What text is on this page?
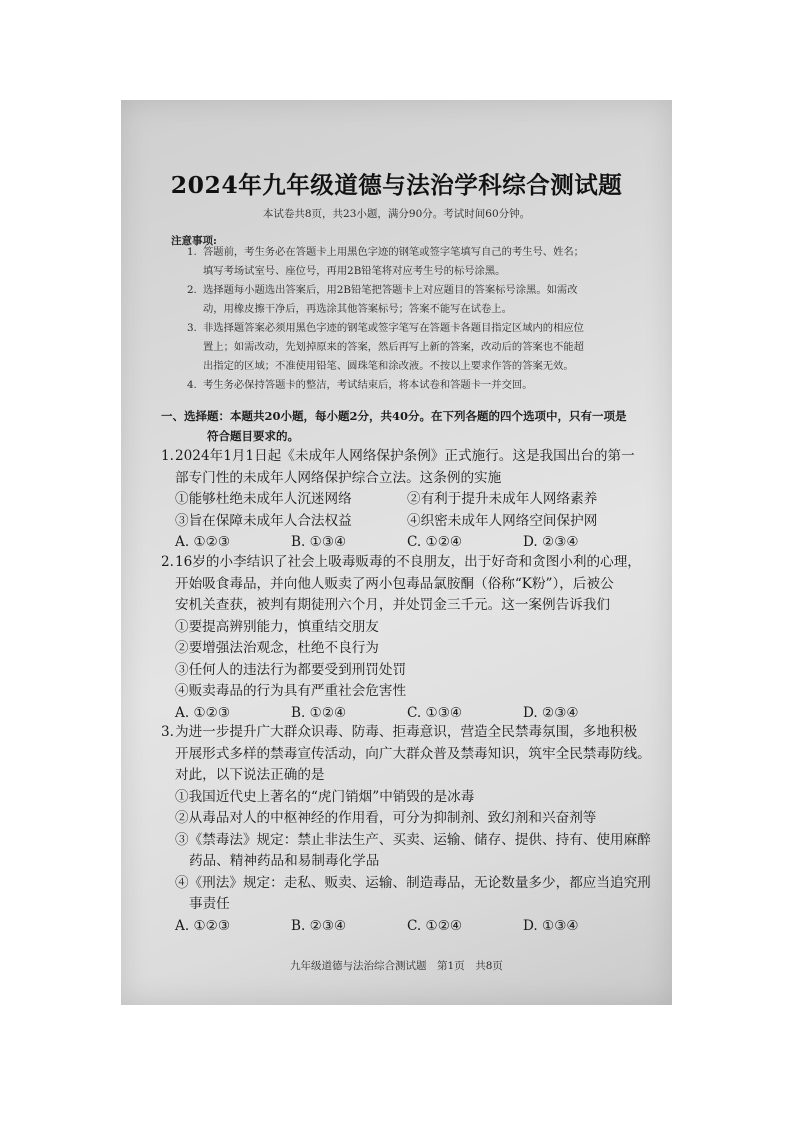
2024年九年级道德与法治学科综合测试题
本试卷共8页，共23小题，满分90分。考试时间60分钟。
注意事项:
1. 答题前，考生务必在答题卡上用黑色字迹的钢笔或签字笔填写自己的考生号、姓名；
填写考场试室号、座位号，再用2B铅笔将对应考生号的标号涂黑。
2. 选择题每小题选出答案后，用2B铅笔把答题卡上对应题目的答案标号涂黑。如需改
动，用橡皮擦干净后，再选涂其他答案标号；答案不能写在试卷上。
3. 非选择题答案必须用黑色字迹的钢笔或签字笔写在答题卡各题目指定区域内的相应位
置上；如需改动，先划掉原来的答案，然后再写上新的答案，改动后的答案也不能超
出指定的区域；不准使用铅笔、圆珠笔和涂改液。不按以上要求作答的答案无效。
4. 考生务必保持答题卡的整洁，考试结束后，将本试卷和答题卡一并交回。
一、选择题：本题共20小题，每小题2分，共40分。在下列各题的四个选项中，只有一项是
符合题目要求的。
1.2024年1月1日起《未成年人网络保护条例》正式施行。这是我国出台的第一
部专门性的未成年人网络保护综合立法。这条例的实施
①能够杜绝未成年人沉迷网络	②有利于提升未成年人网络素养
③旨在保障未成年人合法权益	④织密未成年人网络空间保护网
A. ①②③	B. ①③④	C. ①②④	D. ②③④
2.16岁的小李结识了社会上吸毒贩毒的不良朋友，出于好奇和贪图小利的心理，
开始吸食毒品，并向他人贩卖了两小包毒品氯胺酮（俗称“K粉”），后被公
安机关查获，被判有期徒刑六个月，并处罚金三千元。这一案例告诉我们
①要提高辨别能力，慎重结交朋友
②要增强法治观念，杜绝不良行为
③任何人的违法行为都要受到刑罚处罚
④贩卖毒品的行为具有严重社会危害性
A. ①②③	B. ①②④	C. ①③④	D. ②③④
3.为进一步提升广大群众识毒、防毒、拒毒意识，营造全民禁毒氛围，多地积极
开展形式多样的禁毒宣传活动，向广大群众普及禁毒知识，筑牢全民禁毒防线。
对此，以下说法正确的是
①我国近代史上著名的“虎门销烟”中销毁的是冰毒
②从毒品对人的中枢神经的作用看，可分为抑制剂、致幻剂和兴奋剂等
③《禁毒法》规定：禁止非法生产、买卖、运输、储存、提供、持有、使用麻醉
药品、精神药品和易制毒化学品
④《刑法》规定：走私、贩卖、运输、制造毒品，无论数量多少，都应当追究刑
事责任
A. ①②③	B. ②③④	C. ①②④	D. ①③④
九年级道德与法治综合测试题　第1页　共8页
